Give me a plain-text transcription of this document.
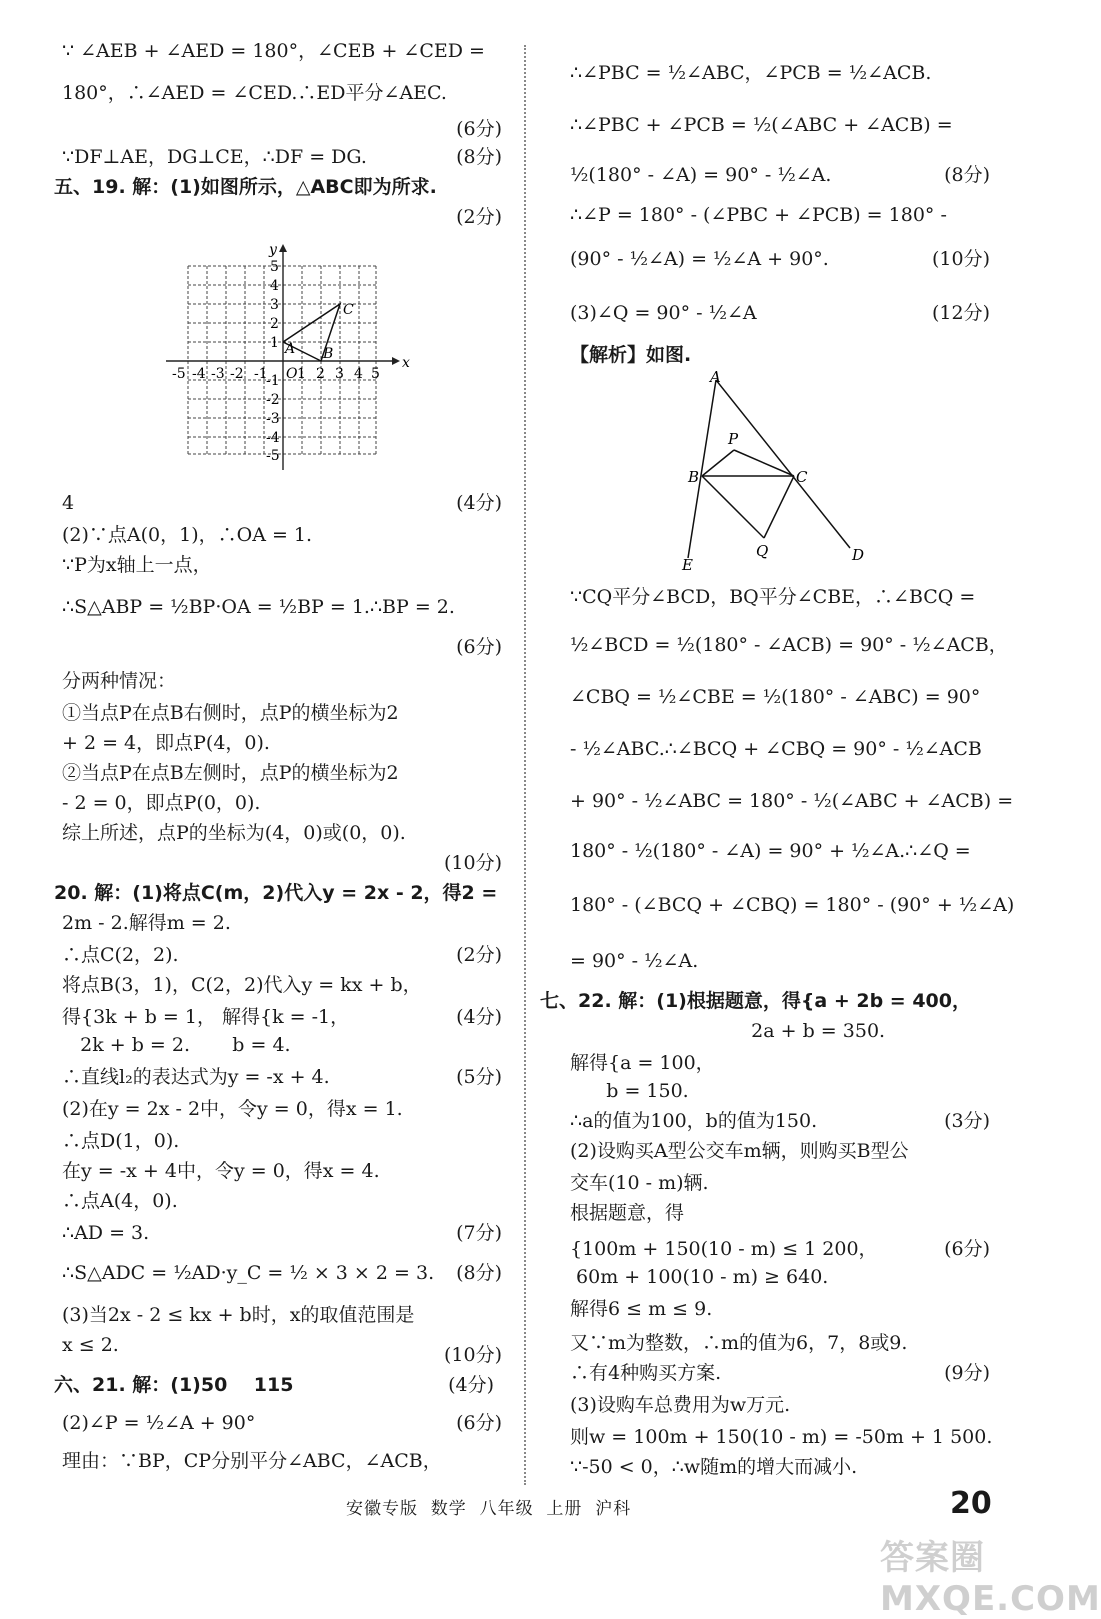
∵ ∠AEB + ∠AED = 180°，∠CEB + ∠CED =
180°，∴∠AED = ∠CED.∴ED平分∠AEC.
(6分)
∵DF⊥AE，DG⊥CE，∴DF = DG.	(8分)
五、19. 解：(1)如图所示，△ABC即为所求.
(2分)
x
y
O
-5 -4 -3 -2 -1 1 2 3 4 5
5
4
3
2
1
-1
-2
-3
-4
-5
A B
C
4	(4分)
(2)∵点A(0，1)，∴OA = 1.
∵P为x轴上一点，
∴S△ABP = ½BP·OA = ½BP = 1.∴BP = 2.
(6分)
分两种情况：
①当点P在点B右侧时，点P的横坐标为2
+ 2 = 4，即点P(4，0).
②当点P在点B左侧时，点P的横坐标为2
- 2 = 0，即点P(0，0).
综上所述，点P的坐标为(4，0)或(0，0).
(10分)
20. 解：(1)将点C(m，2)代入y = 2x - 2，得2 =
2m - 2.解得m = 2.
∴点C(2，2).	(2分)
将点B(3，1)，C(2，2)代入y = kx + b，
得{3k + b = 1， 解得{k = -1，	(4分)
2k + b = 2.       b = 4.
∴直线l₂的表达式为y = -x + 4.	(5分)
(2)在y = 2x - 2中，令y = 0，得x = 1.
∴点D(1，0).
在y = -x + 4中，令y = 0，得x = 4.
∴点A(4，0).
∴AD = 3.	(7分)
∴S△ADC = ½AD·y_C = ½ × 3 × 2 = 3. (8分)
(3)当2x - 2 ≤ kx + b时，x的取值范围是
x ≤ 2.	(10分)
六、21. 解：(1)50    115	(4分)
(2)∠P = ½∠A + 90°	(6分)
理由：∵BP，CP分别平分∠ABC，∠ACB，
∴∠PBC = ½∠ABC，∠PCB = ½∠ACB.
∴∠PBC + ∠PCB = ½(∠ABC + ∠ACB) =
½(180° - ∠A) = 90° - ½∠A.	(8分)
∴∠P = 180° - (∠PBC + ∠PCB) = 180° -
(90° - ½∠A) = ½∠A + 90°.	(10分)
(3)∠Q = 90° - ½∠A	(12分)
【解析】如图.
A
P
B	C
Q
E
D
∵CQ平分∠BCD，BQ平分∠CBE，∴∠BCQ =
½∠BCD = ½(180° - ∠ACB) = 90° - ½∠ACB，
∠CBQ = ½∠CBE = ½(180° - ∠ABC) = 90°
- ½∠ABC.∴∠BCQ + ∠CBQ = 90° - ½∠ACB
+ 90° - ½∠ABC = 180° - ½(∠ABC + ∠ACB) =
180° - ½(180° - ∠A) = 90° + ½∠A.∴∠Q =
180° - (∠BCQ + ∠CBQ) = 180° - (90° + ½∠A)
= 90° - ½∠A.
七、22. 解：(1)根据题意，得{a + 2b = 400，
2a + b = 350.
解得{a = 100，
b = 150.
∴a的值为100，b的值为150.	(3分)
(2)设购买A型公交车m辆，则购买B型公
交车(10 - m)辆.
根据题意，得
{100m + 150(10 - m) ≤ 1 200，	(6分)
60m + 100(10 - m) ≥ 640.
解得6 ≤ m ≤ 9.
又∵m为整数，∴m的值为6，7，8或9.
∴有4种购买方案.	(9分)
(3)设购车总费用为w万元.
则w = 100m + 150(10 - m) = -50m + 1 500.
∵-50 < 0，∴w随m的增大而减小.
安徽专版  数学  八年级  上册  沪科	20
答案圈 MXQE.COM
